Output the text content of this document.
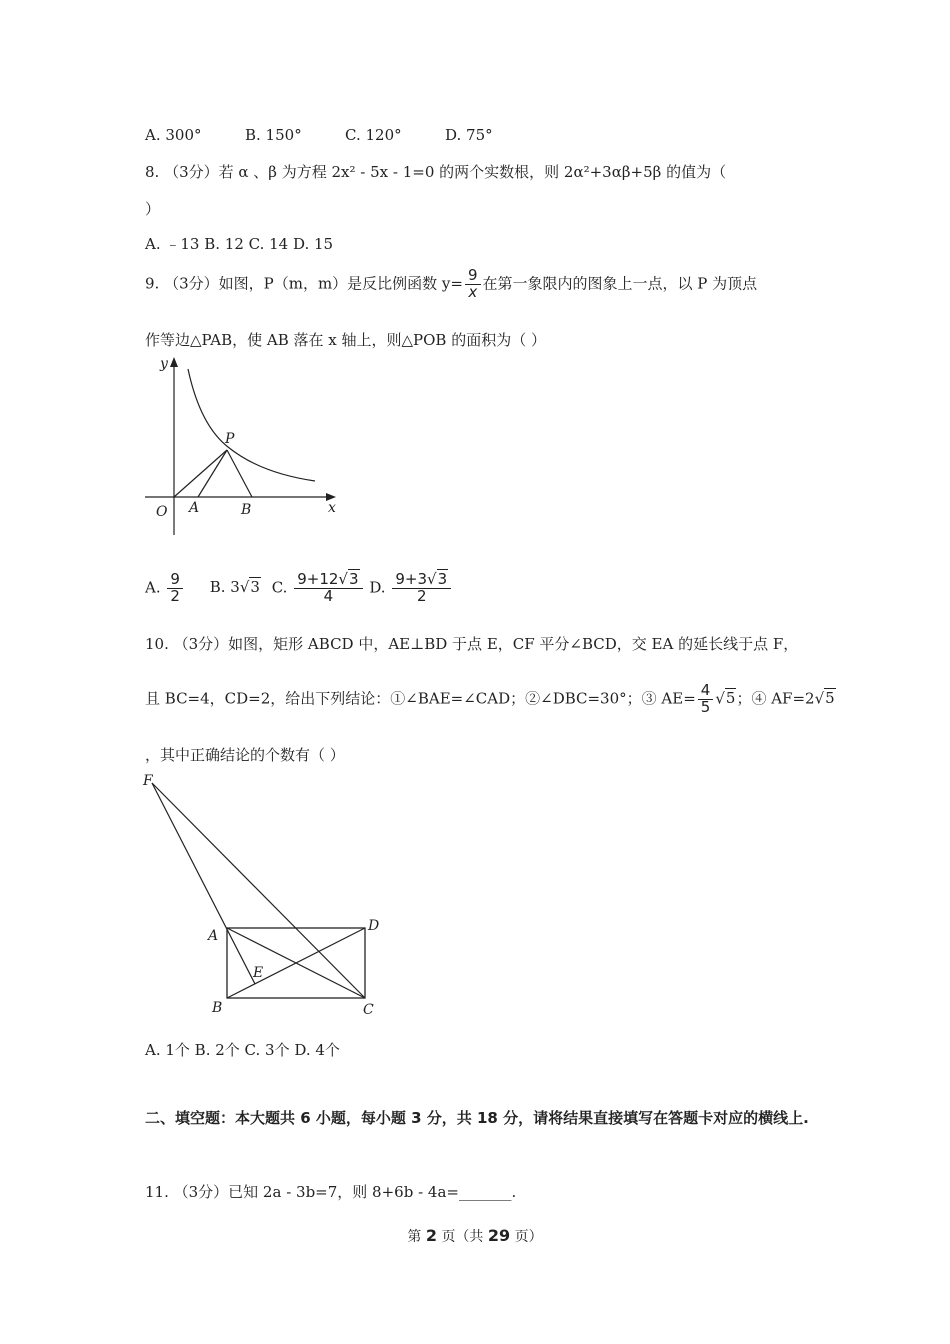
A. 300°	B. 150°	C. 120°	D. 75°
8. （3分）若 α 、β 为方程 2x² - 5x - 1=0 的两个实数根，则 2α²+3αβ+5β 的值为（
）
A. ﹣13 B. 12 C. 14 D. 15
9. （3分）如图，P（m，m）是反比例函数 $y= \frac{9}{x}$ 在第一象限内的图象上一点，以 P 为顶点
作等边△PAB，使 AB 落在 x 轴上，则△POB 的面积为（ ）
y
x
O A	B
P
A. $\frac{9}{2} B$. 3√3 C. $\frac{9+12√3}{4} D$. $\frac{9+3√3}{2}$
10. （3分）如图，矩形 ABCD 中，AE⊥BD 于点 E，CF 平分∠BCD，交 EA 的延长线于点 F，
且 BC=4，CD=2，给出下列结论：①∠BAE=∠CAD；②∠DBC=30°；③ $AE= \frac{4}{5} √5$；④ AF=2√5
，其中正确结论的个数有（ ）
F
A
D
E
B	C
A. 1个 B. 2个 C. 3个 D. 4个
二、填空题：本大题共 6 小题，每小题 3 分，共 18 分，请将结果直接填写在答题卡对应的横线上.
11. （3分）已知 2a - 3b=7，则 8+6b - 4a=_______.
第 2 页（共 29 页）
